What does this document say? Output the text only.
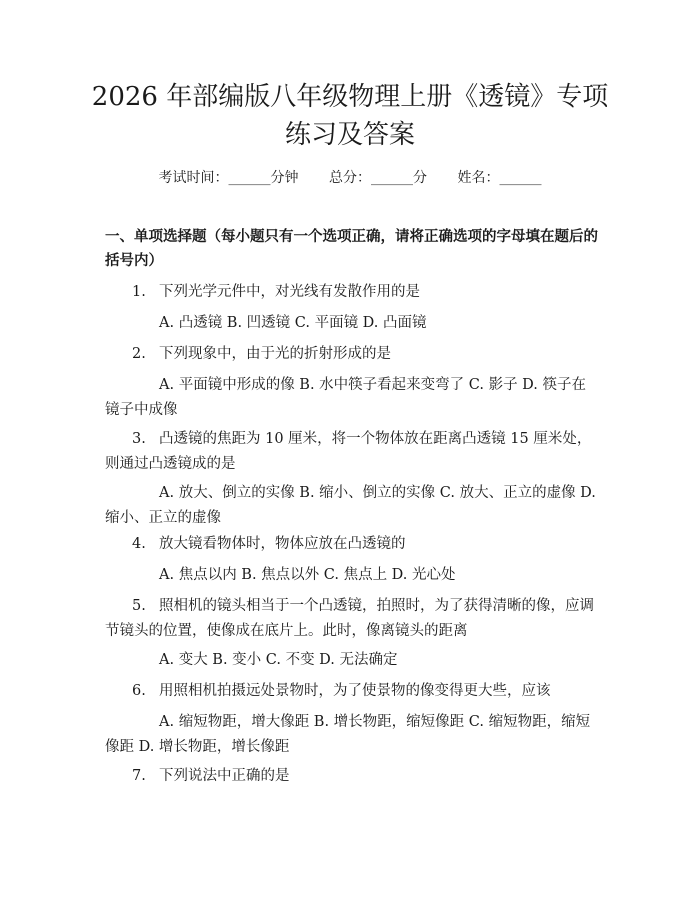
2026 年部编版八年级物理上册《透镜》专项
练习及答案
考试时间：______分钟 总分：______分 姓名：______
一、单项选择题（每小题只有一个选项正确，请将正确选项的字母填在题后的括号内）
1. 下列光学元件中，对光线有发散作用的是
A. 凸透镜 B. 凹透镜 C. 平面镜 D. 凸面镜
2. 下列现象中，由于光的折射形成的是
A. 平面镜中形成的像 B. 水中筷子看起来变弯了 C. 影子 D. 筷子在镜子中成像
3. 凸透镜的焦距为 10 厘米，将一个物体放在距离凸透镜 15 厘米处，则通过凸透镜成的是
A. 放大、倒立的实像 B. 缩小、倒立的实像 C. 放大、正立的虚像 D. 缩小、正立的虚像
4. 放大镜看物体时，物体应放在凸透镜的
A. 焦点以内 B. 焦点以外 C. 焦点上 D. 光心处
5. 照相机的镜头相当于一个凸透镜，拍照时，为了获得清晰的像，应调节镜头的位置，使像成在底片上。此时，像离镜头的距离
A. 变大 B. 变小 C. 不变 D. 无法确定
6. 用照相机拍摄远处景物时，为了使景物的像变得更大些，应该
A. 缩短物距，增大像距 B. 增长物距，缩短像距 C. 缩短物距，缩短像距 D. 增长物距，增长像距
7. 下列说法中正确的是
